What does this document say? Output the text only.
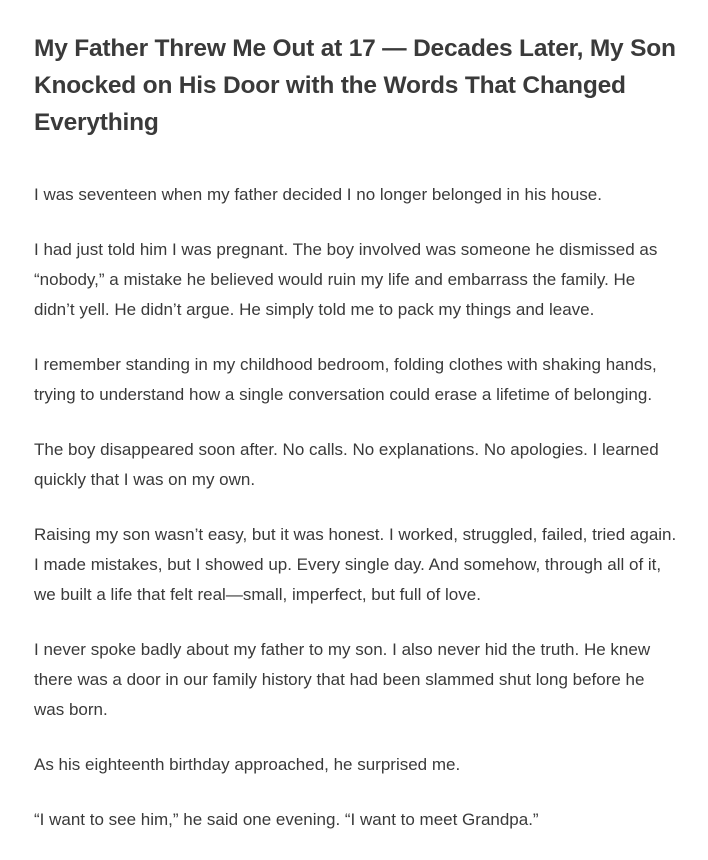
My Father Threw Me Out at 17 — Decades Later, My Son Knocked on His Door with the Words That Changed Everything

I was seventeen when my father decided I no longer belonged in his house.

I had just told him I was pregnant. The boy involved was someone he dismissed as “nobody,” a mistake he believed would ruin my life and embarrass the family. He didn’t yell. He didn’t argue. He simply told me to pack my things and leave.

I remember standing in my childhood bedroom, folding clothes with shaking hands, trying to understand how a single conversation could erase a lifetime of belonging.

The boy disappeared soon after. No calls. No explanations. No apologies. I learned quickly that I was on my own.

Raising my son wasn’t easy, but it was honest. I worked, struggled, failed, tried again. I made mistakes, but I showed up. Every single day. And somehow, through all of it, we built a life that felt real—small, imperfect, but full of love.

I never spoke badly about my father to my son. I also never hid the truth. He knew there was a door in our family history that had been slammed shut long before he was born.

As his eighteenth birthday approached, he surprised me.

“I want to see him,” he said one evening. “I want to meet Grandpa.”
